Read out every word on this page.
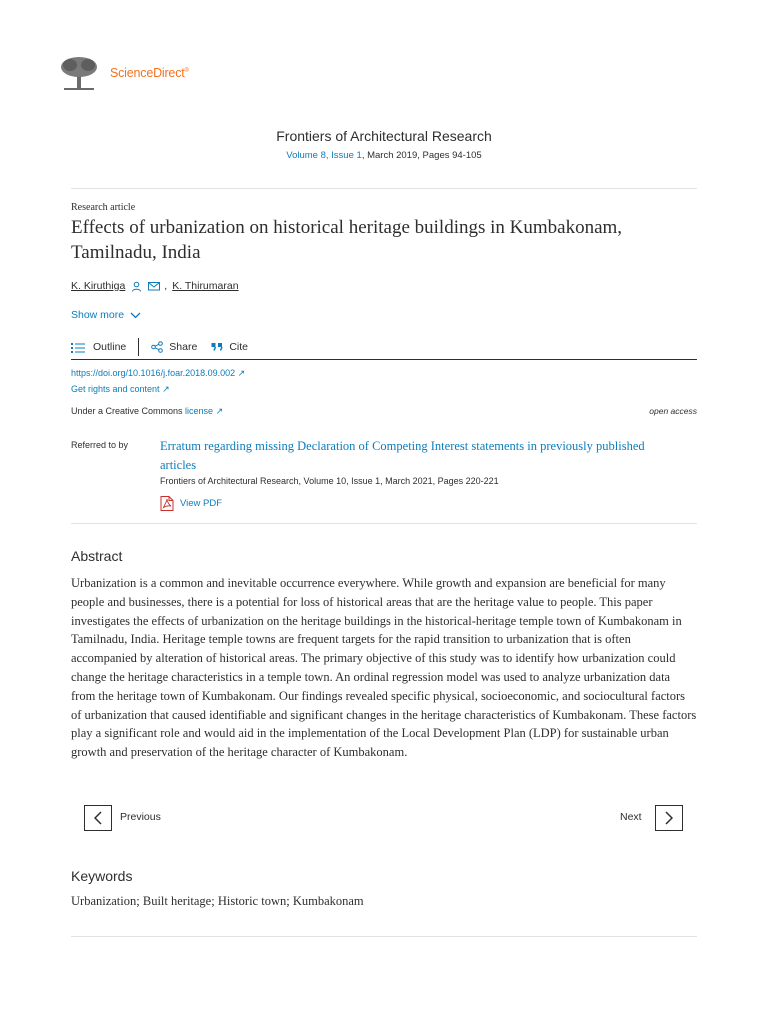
ScienceDirect®
Frontiers of Architectural Research
Volume 8, Issue 1, March 2019, Pages 94-105
Research article
Effects of urbanization on historical heritage buildings in Kumbakonam, Tamilnadu, India
K. Kiruthiga	, K. Thirumaran
Show more
Outline	Share	Cite
https://doi.org/10.1016/j.foar.2018.09.002 ↗
Get rights and content ↗
Under a Creative Commons license ↗	open access
Referred to by	Erratum regarding missing Declaration of Competing Interest statements in previously published articles
Frontiers of Architectural Research, Volume 10, Issue 1, March 2021, Pages 220-221
View PDF
Abstract
Urbanization is a common and inevitable occurrence everywhere. While growth and expansion are beneficial for many people and businesses, there is a potential for loss of historical areas that are the heritage value to people. This paper investigates the effects of urbanization on the heritage buildings in the historical-heritage temple town of Kumbakonam in Tamilnadu, India. Heritage temple towns are frequent targets for the rapid transition to urbanization that is often accompanied by alteration of historical areas. The primary objective of this study was to identify how urbanization could change the heritage characteristics in a temple town. An ordinal regression model was used to analyze urbanization data from the heritage town of Kumbakonam. Our findings revealed specific physical, socioeconomic, and sociocultural factors of urbanization that caused identifiable and significant changes in the heritage characteristics of Kumbakonam. These factors play a significant role and would aid in the implementation of the Local Development Plan (LDP) for sustainable urban growth and preservation of the heritage character of Kumbakonam.
Previous	Next
Keywords
Urbanization; Built heritage; Historic town; Kumbakonam
